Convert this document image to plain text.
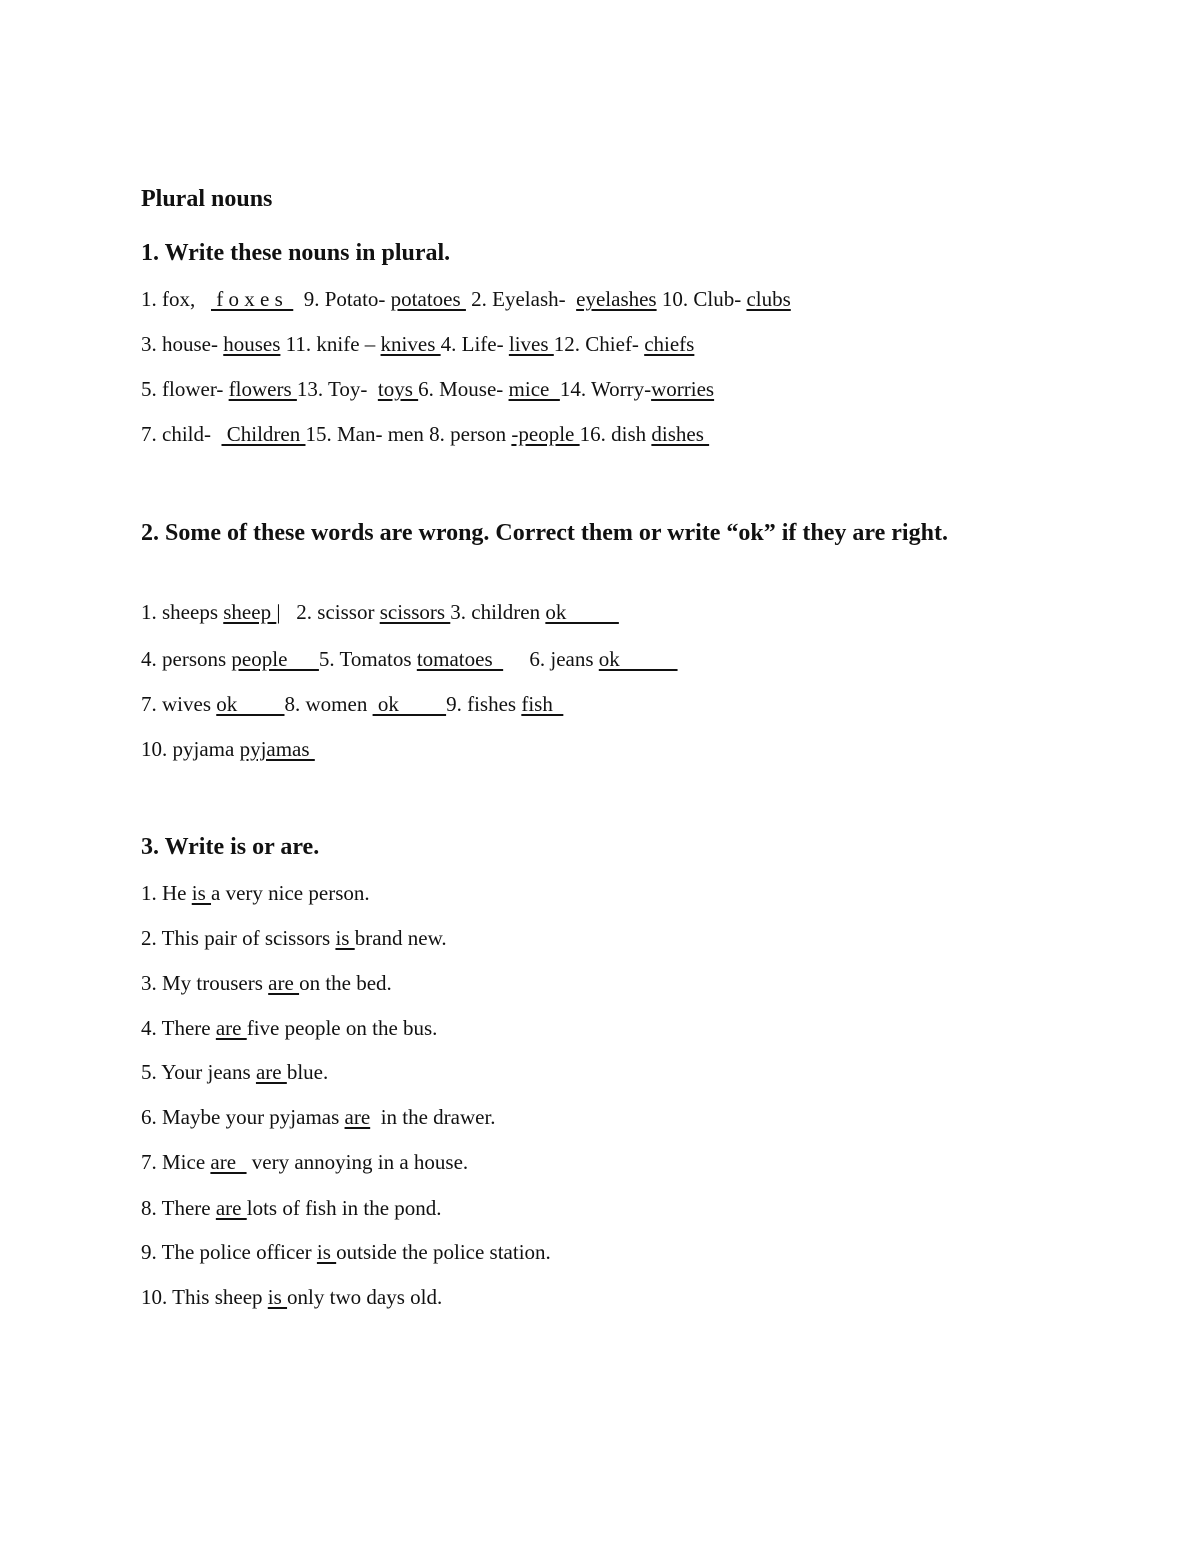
Plural nouns
1. Write these nouns in plural.

1. fox,    f o x e s    9. Potato- potatoes  2. Eyelash-  eyelashes 10. Club- clubs

3. house- houses 11. knife – knives 4. Life- lives 12. Chief- chiefs

5. flower- flowers 13. Toy-  toys 6. Mouse- mice  14. Worry-worries

7. child-   Children 15. Man- men 8. person -people 16. dish dishes

2. Some of these words are wrong. Correct them or write “ok” if they are right.

1. sheeps sheep |   2. scissor scissors 3. children ok

4. persons people      5. Tomatos tomatoes       6. jeans ok

7. wives ok         8. women  ok         9. fishes fish

10. pyjama pyjamas

3. Write is or are.

1. He is a very nice person.

2. This pair of scissors is brand new.

3. My trousers are on the bed.

4. There are five people on the bus.

5. Your jeans are blue.

6. Maybe your pyjamas are  in the drawer.

7. Mice are   very annoying in a house.

8. There are lots of fish in the pond.

9. The police officer is outside the police station.

10. This sheep is only two days old.
